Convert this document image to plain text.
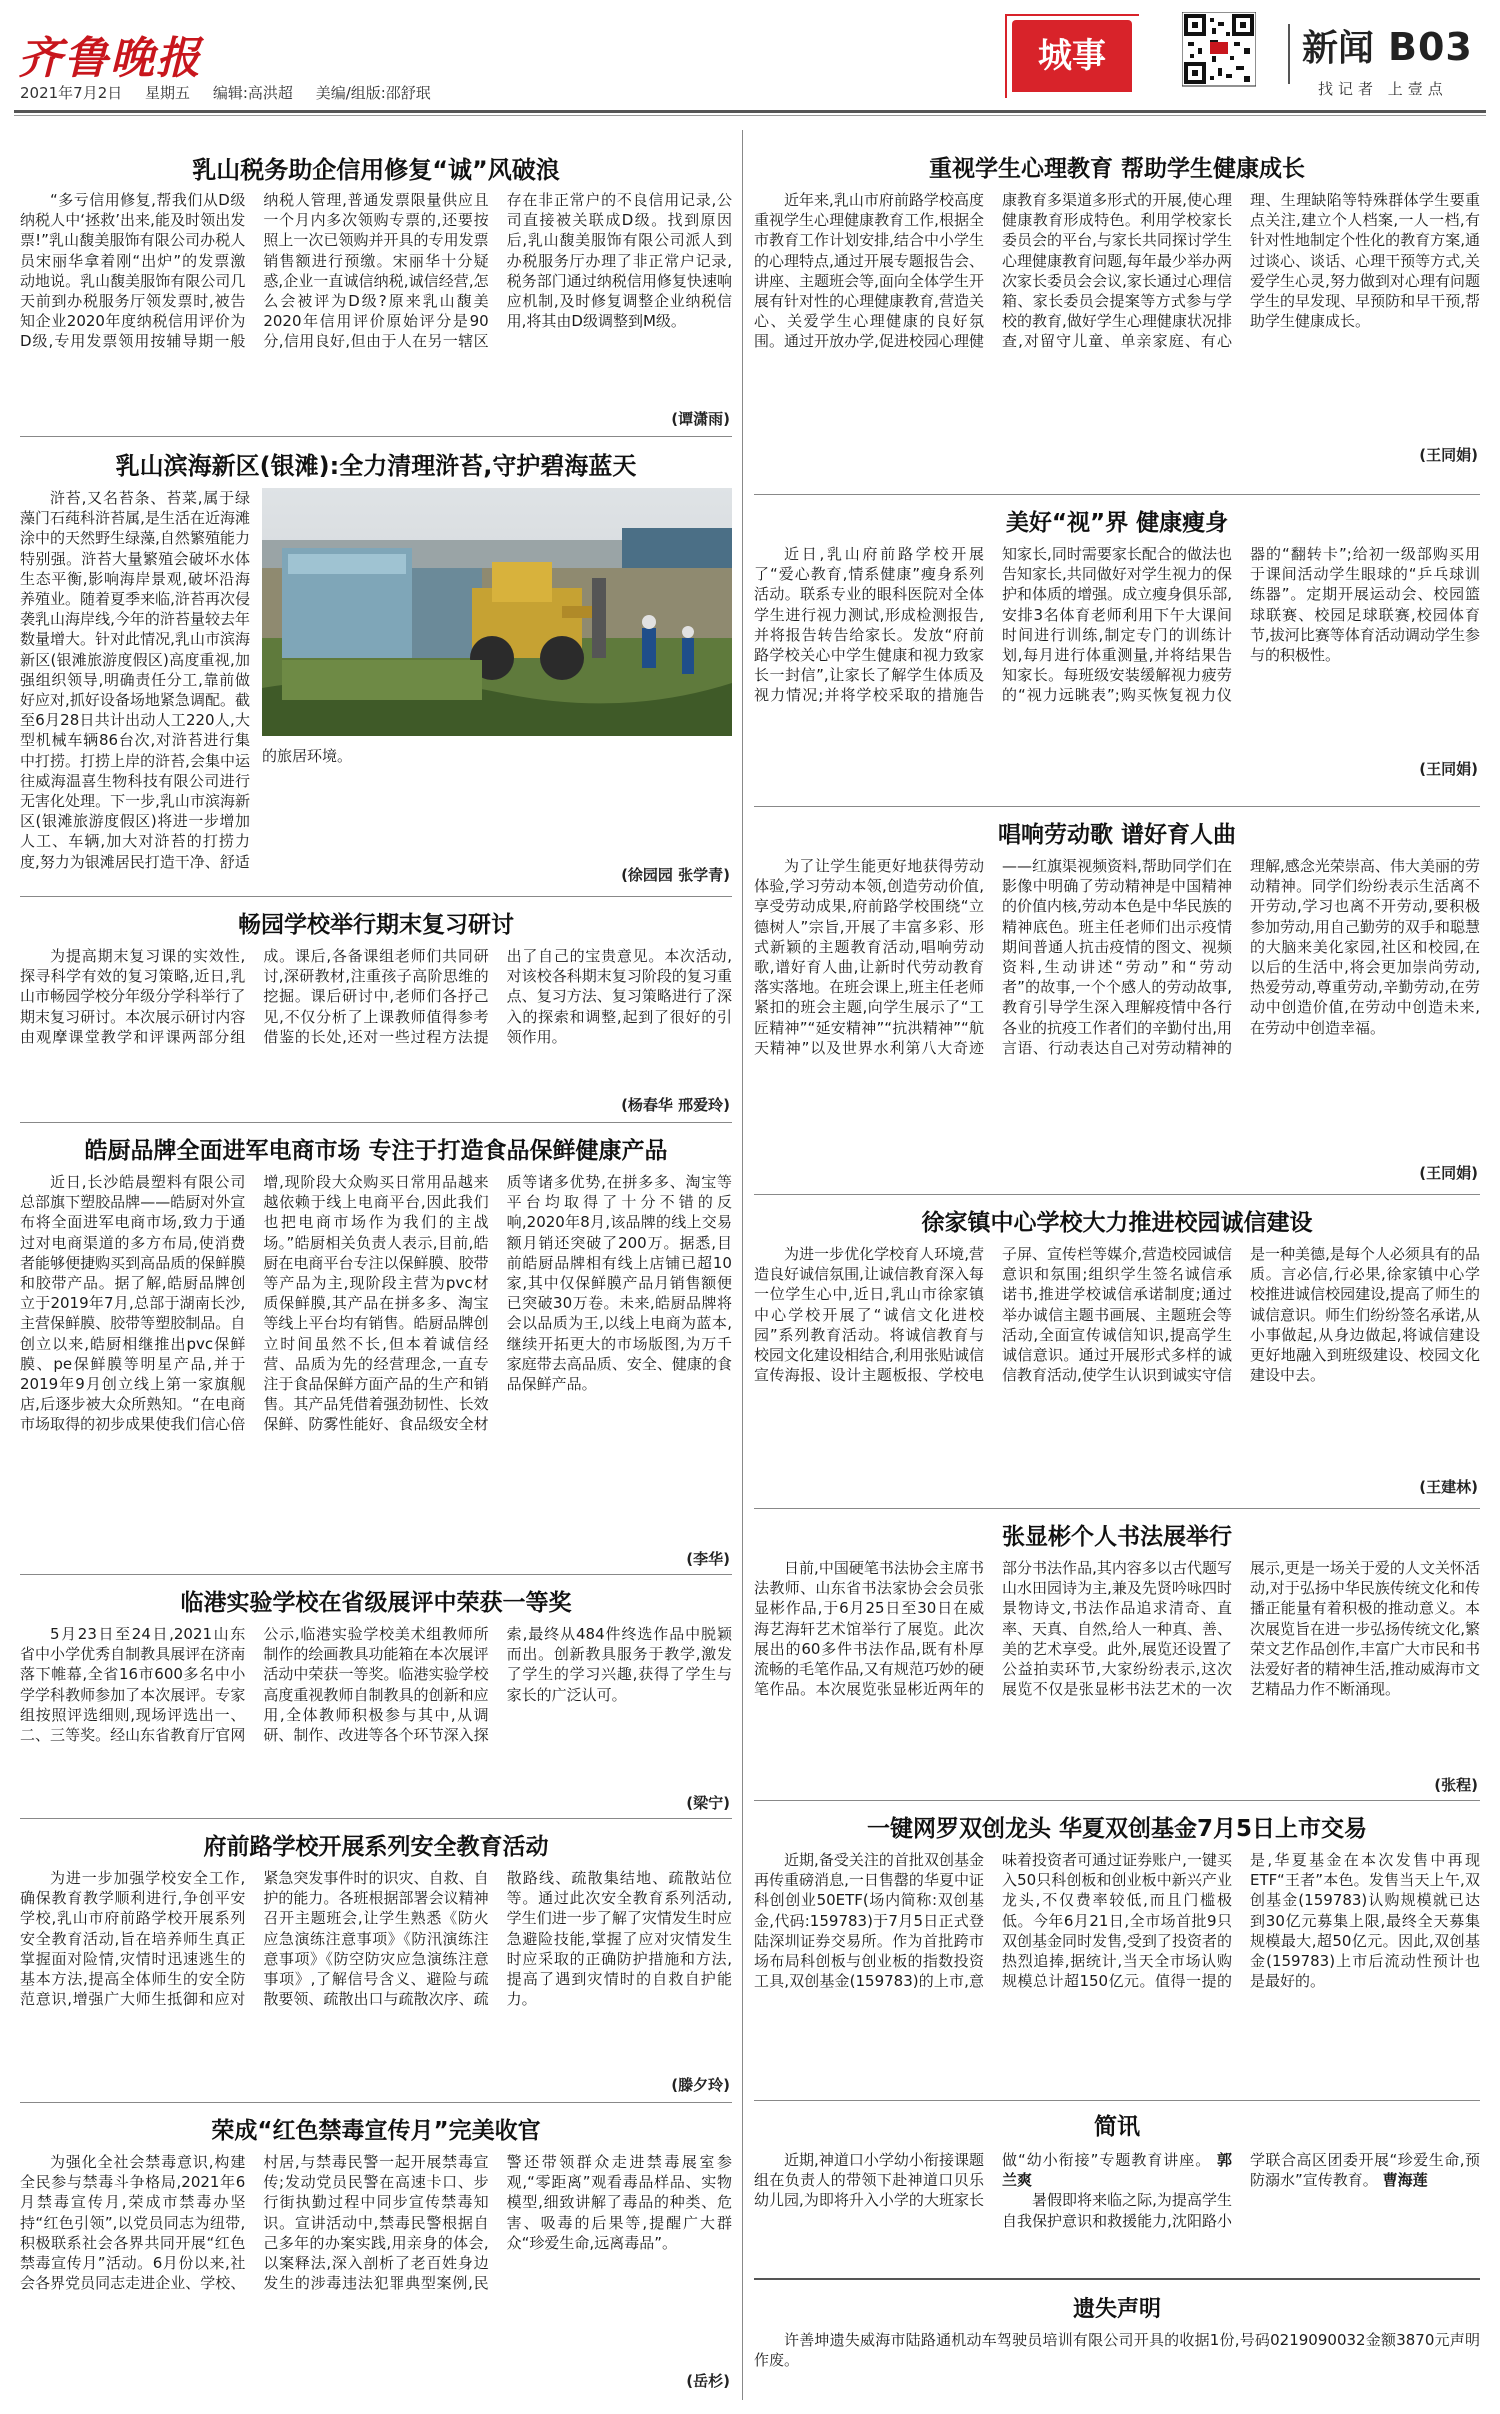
齐鲁晚报
2021年7月2日 星期五 编辑:高洪超 美编/组版:邵舒珉
城事	新闻 B03
找记者 上壹点
乳山税务助企信用修复“诚”风破浪
“多亏信用修复,帮我们从D级纳税人中‘拯救’出来,能及时领出发票!”乳山馥美服饰有限公司办税人员宋丽华拿着刚“出炉”的发票激动地说。乳山馥美服饰有限公司几天前到办税服务厅领发票时,被告知企业2020年度纳税信用评价为D级,专用发票领用按辅导期一般纳税人管理,普通发票限量供应且一个月内多次领购专票的,还要按照上一次已领购并开具的专用发票销售额进行预缴。宋丽华十分疑惑,企业一直诚信纳税,诚信经营,怎么会被评为D级?原来乳山馥美2020年信用评价原始评分是90分,信用良好,但由于人在另一辖区存在非正常户的不良信用记录,公司直接被关联成D级。找到原因后,乳山馥美服饰有限公司派人到办税服务厅办理了非正常户记录,税务部门通过纳税信用修复快速响应机制,及时修复调整企业纳税信用,将其由D级调整到M级。
(谭潇雨)
乳山滨海新区(银滩):全力清理浒苔,守护碧海蓝天
浒苔,又名苔条、苔菜,属于绿藻门石莼科浒苔属,是生活在近海滩涂中的天然野生绿藻,自然繁殖能力特别强。浒苔大量繁殖会破坏水体生态平衡,影响海岸景观,破坏沿海养殖业。随着夏季来临,浒苔再次侵袭乳山海岸线,今年的浒苔量较去年数量增大。针对此情况,乳山市滨海新区(银滩旅游度假区)高度重视,加强组织领导,明确责任分工,靠前做好应对,抓好设备场地紧急调配。截至6月28日共计出动人工220人,大型机械车辆86台次,对浒苔进行集中打捞。打捞上岸的浒苔,会集中运往威海温喜生物科技有限公司进行无害化处理。下一步,乳山市滨海新区(银滩旅游度假区)将进一步增加人工、车辆,加大对浒苔的打捞力度,努力为银滩居民打造干净、舒适
的旅居环境。
(徐园园 张学青)
畅园学校举行期末复习研讨
为提高期末复习课的实效性,探寻科学有效的复习策略,近日,乳山市畅园学校分年级分学科举行了期末复习研讨。本次展示研讨内容由观摩课堂教学和评课两部分组成。课后,各备课组老师们共同研讨,深研教材,注重孩子高阶思维的挖掘。课后研讨中,老师们各抒己见,不仅分析了上课教师值得参考借鉴的长处,还对一些过程方法提出了自己的宝贵意见。本次活动,对该校各科期末复习阶段的复习重点、复习方法、复习策略进行了深入的探索和调整,起到了很好的引领作用。
(杨春华 邢爱玲)
皓厨品牌全面进军电商市场 专注于打造食品保鲜健康产品
近日,长沙皓晨塑料有限公司总部旗下塑胶品牌——皓厨对外宣布将全面进军电商市场,致力于通过对电商渠道的多方布局,使消费者能够便捷购买到高品质的保鲜膜和胶带产品。据了解,皓厨品牌创立于2019年7月,总部于湖南长沙,主营保鲜膜、胶带等塑胶制品。自创立以来,皓厨相继推出pvc保鲜膜、pe保鲜膜等明星产品,并于2019年9月创立线上第一家旗舰店,后逐步被大众所熟知。“在电商市场取得的初步成果使我们信心倍增,现阶段大众购买日常用品越来越依赖于线上电商平台,因此我们也把电商市场作为我们的主战场。”皓厨相关负责人表示,目前,皓厨在电商平台专注以保鲜膜、胶带等产品为主,现阶段主营为pvc材质保鲜膜,其产品在拼多多、淘宝等线上平台均有销售。皓厨品牌创立时间虽然不长,但本着诚信经营、品质为先的经营理念,一直专注于食品保鲜方面产品的生产和销售。其产品凭借着强劲韧性、长效保鲜、防雾性能好、食品级安全材质等诸多优势,在拼多多、淘宝等平台均取得了十分不错的反响,2020年8月,该品牌的线上交易额月销还突破了200万。据悉,目前皓厨品牌相有线上店铺已超10家,其中仅保鲜膜产品月销售额便已突破30万卷。未来,皓厨品牌将会以品质为王,以线上电商为蓝本,继续开拓更大的市场版图,为万千家庭带去高品质、安全、健康的食品保鲜产品。
(李华)
临港实验学校在省级展评中荣获一等奖
5月23日至24日,2021山东省中小学优秀自制教具展评在济南落下帷幕,全省16市600多名中小学学科教师参加了本次展评。专家组按照评选细则,现场评选出一、二、三等奖。经山东省教育厅官网公示,临港实验学校美术组教师所制作的绘画教具功能箱在本次展评活动中荣获一等奖。临港实验学校高度重视教师自制教具的创新和应用,全体教师积极参与其中,从调研、制作、改进等各个环节深入探索,最终从484件终选作品中脱颖而出。创新教具服务于教学,激发了学生的学习兴趣,获得了学生与家长的广泛认可。
(梁宁)
府前路学校开展系列安全教育活动
为进一步加强学校安全工作,确保教育教学顺利进行,争创平安学校,乳山市府前路学校开展系列安全教育活动,旨在培养师生真正掌握面对险情,灾情时迅速逃生的基本方法,提高全体师生的安全防范意识,增强广大师生抵御和应对紧急突发事件时的识灾、自救、自护的能力。各班根据部署会议精神召开主题班会,让学生熟悉《防火应急演练注意事项》《防汛演练注意事项》《防空防灾应急演练注意事项》,了解信号含义、避险与疏散要领、疏散出口与疏散次序、疏散路线、疏散集结地、疏散站位等。通过此次安全教育系列活动,学生们进一步了解了灾情发生时应急避险技能,掌握了应对灾情发生时应采取的正确防护措施和方法,提高了遇到灾情时的自救自护能力。
(滕夕玲)
荣成“红色禁毒宣传月”完美收官
为强化全社会禁毒意识,构建全民参与禁毒斗争格局,2021年6月禁毒宣传月,荣成市禁毒办坚持“红色引领”,以党员同志为纽带,积极联系社会各界共同开展“红色禁毒宣传月”活动。6月份以来,社会各界党员同志走进企业、学校、村居,与禁毒民警一起开展禁毒宣传;发动党员民警在高速卡口、步行街执勤过程中同步宣传禁毒知识。宣讲活动中,禁毒民警根据自己多年的办案实践,用亲身的体会,以案释法,深入剖析了老百姓身边发生的涉毒违法犯罪典型案例,民警还带领群众走进禁毒展室参观,“零距离”观看毒品样品、实物模型,细致讲解了毒品的种类、危害、吸毒的后果等,提醒广大群众“珍爱生命,远离毒品”。
(岳杉)
重视学生心理教育 帮助学生健康成长
近年来,乳山市府前路学校高度重视学生心理健康教育工作,根据全市教育工作计划安排,结合中小学生的心理特点,通过开展专题报告会、讲座、主题班会等,面向全体学生开展有针对性的心理健康教育,营造关心、关爱学生心理健康的良好氛围。通过开放办学,促进校园心理健康教育多渠道多形式的开展,使心理健康教育形成特色。利用学校家长委员会的平台,与家长共同探讨学生心理健康教育问题,每年最少举办两次家长委员会会议,家长通过心理信箱、家长委员会提案等方式参与学校的教育,做好学生心理健康状况排查,对留守儿童、单亲家庭、有心理、生理缺陷等特殊群体学生要重点关注,建立个人档案,一人一档,有针对性地制定个性化的教育方案,通过谈心、谈话、心理干预等方式,关爱学生心灵,努力做到对心理有问题学生的早发现、早预防和早干预,帮助学生健康成长。
(王同娟)
美好“视”界 健康瘦身
近日,乳山府前路学校开展了“爱心教育,情系健康”瘦身系列活动。联系专业的眼科医院对全体学生进行视力测试,形成检测报告,并将报告转告给家长。发放“府前路学校关心中学生健康和视力致家长一封信”,让家长了解学生体质及视力情况;并将学校采取的措施告知家长,同时需要家长配合的做法也告知家长,共同做好对学生视力的保护和体质的增强。成立瘦身俱乐部,安排3名体育老师利用下午大课间时间进行训练,制定专门的训练计划,每月进行体重测量,并将结果告知家长。每班级安装缓解视力疲劳的“视力远眺表”;购买恢复视力仪器的“翻转卡”;给初一级部购买用于课间活动学生眼球的“乒乓球训练器”。定期开展运动会、校园篮球联赛、校园足球联赛,校园体育节,拔河比赛等体育活动调动学生参与的积极性。
(王同娟)
唱响劳动歌 谱好育人曲
为了让学生能更好地获得劳动体验,学习劳动本领,创造劳动价值,享受劳动成果,府前路学校围绕“立德树人”宗旨,开展了丰富多彩、形式新颖的主题教育活动,唱响劳动歌,谱好育人曲,让新时代劳动教育落实落地。在班会课上,班主任老师紧扣的班会主题,向学生展示了“工匠精神”“延安精神”“抗洪精神”“航天精神”以及世界水利第八大奇迹——红旗渠视频资料,帮助同学们在影像中明确了劳动精神是中国精神的价值内核,劳动本色是中华民族的精神底色。班主任老师们出示疫情期间普通人抗击疫情的图文、视频资料,生动讲述“劳动”和“劳动者”的故事,一个个感人的劳动故事,教育引导学生深入理解疫情中各行各业的抗疫工作者们的辛勤付出,用言语、行动表达自己对劳动精神的理解,感念光荣崇高、伟大美丽的劳动精神。同学们纷纷表示生活离不开劳动,学习也离不开劳动,要积极参加劳动,用自己勤劳的双手和聪慧的大脑来美化家园,社区和校园,在以后的生活中,将会更加崇尚劳动,热爱劳动,尊重劳动,辛勤劳动,在劳动中创造价值,在劳动中创造未来,在劳动中创造幸福。
(王同娟)
徐家镇中心学校大力推进校园诚信建设
为进一步优化学校育人环境,营造良好诚信氛围,让诚信教育深入每一位学生心中,近日,乳山市徐家镇中心学校开展了“诚信文化进校园”系列教育活动。将诚信教育与校园文化建设相结合,利用张贴诚信宣传海报、设计主题板报、学校电子屏、宣传栏等媒介,营造校园诚信意识和氛围;组织学生签名诚信承诺书,推进学校诚信承诺制度;通过举办诚信主题书画展、主题班会等活动,全面宣传诚信知识,提高学生诚信意识。通过开展形式多样的诚信教育活动,使学生认识到诚实守信是一种美德,是每个人必须具有的品质。言必信,行必果,徐家镇中心学校推进诚信校园建设,提高了师生的诚信意识。师生们纷纷签名承诺,从小事做起,从身边做起,将诚信建设更好地融入到班级建设、校园文化建设中去。
(王建林)
张显彬个人书法展举行
日前,中国硬笔书法协会主席书法教师、山东省书法家协会会员张显彬作品,于6月25日至30日在威海艺海轩艺术馆举行了展览。此次展出的60多件书法作品,既有朴厚流畅的毛笔作品,又有规范巧妙的硬笔作品。本次展览张显彬近两年的部分书法作品,其内容多以古代题写山水田园诗为主,兼及先贤吟咏四时景物诗文,书法作品追求清奇、直率、天真、自然,给人一种真、善、美的艺术享受。此外,展览还设置了公益拍卖环节,大家纷纷表示,这次展览不仅是张显彬书法艺术的一次展示,更是一场关于爱的人文关怀活动,对于弘扬中华民族传统文化和传播正能量有着积极的推动意义。本次展览旨在进一步弘扬传统文化,繁荣文艺作品创作,丰富广大市民和书法爱好者的精神生活,推动威海市文艺精品力作不断涌现。
(张程)
一键网罗双创龙头 华夏双创基金7月5日上市交易
近期,备受关注的首批双创基金再传重磅消息,一日售罄的华夏中证科创创业50ETF(场内简称:双创基金,代码:159783)于7月5日正式登陆深圳证券交易所。作为首批跨市场布局科创板与创业板的指数投资工具,双创基金(159783)的上市,意味着投资者可通过证券账户,一键买入50只科创板和创业板中新兴产业龙头,不仅费率较低,而且门槛极低。今年6月21日,全市场首批9只双创基金同时发售,受到了投资者的热烈追捧,据统计,当天全市场认购规模总计超150亿元。值得一提的是,华夏基金在本次发售中再现ETF“王者”本色。发售当天上午,双创基金(159783)认购规模就已达到30亿元募集上限,最终全天募集规模最大,超50亿元。因此,双创基金(159783)上市后流动性预计也是最好的。
简讯

近期,神道口小学幼小衔接课题组在负责人的带领下赴神道口贝乐幼儿园,为即将升入小学的大班家长做“幼小衔接”专题教育讲座。 郭兰爽

暑假即将来临之际,为提高学生自我保护意识和救援能力,沈阳路小学联合高区团委开展“珍爱生命,预防溺水”宣传教育。 曹海莲

遗失声明
许善坤遗失威海市陆路通机动车驾驶员培训有限公司开具的收据1份,号码0219090032金额3870元声明作废。
